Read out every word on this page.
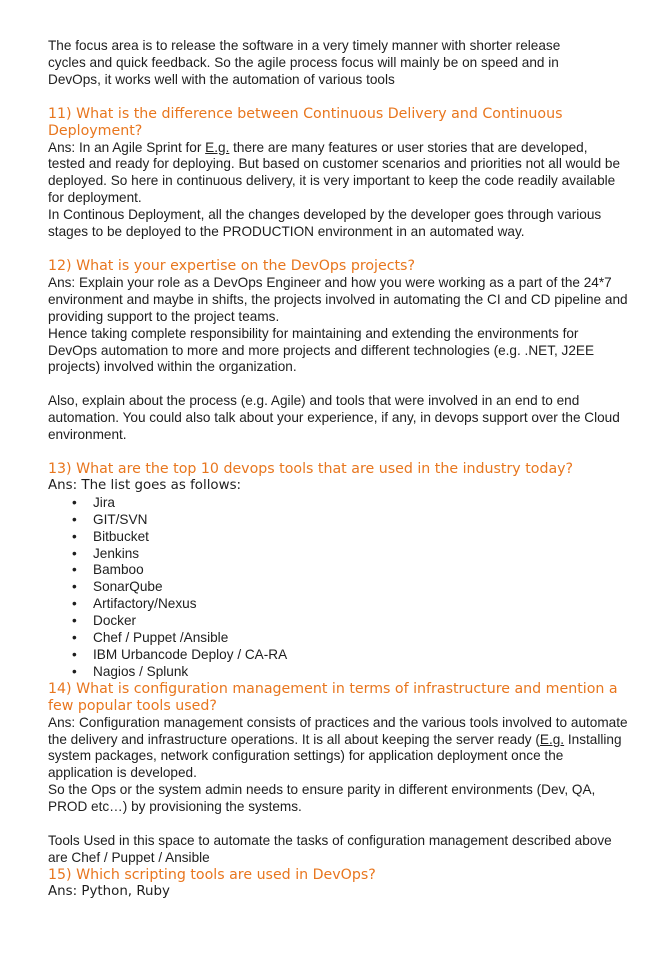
The focus area is to release the software in a very timely manner with shorter release
cycles and quick feedback. So the agile process focus will mainly be on speed and in
DevOps, it works well with the automation of various tools

11) What is the difference between Continuous Delivery and Continuous Deployment?

Ans: In an Agile Sprint for E.g. there are many features or user stories that are developed, tested and ready for deploying. But based on customer scenarios and priorities not all would be deployed. So here in continuous delivery, it is very important to keep the code readily available for deployment.

In Continous Deployment, all the changes developed by the developer goes through various stages to be deployed to the PRODUCTION environment in an automated way.

12) What is your expertise on the DevOps projects?

Ans: Explain your role as a DevOps Engineer and how you were working as a part of the 24*7 environment and maybe in shifts, the projects involved in automating the CI and CD pipeline and providing support to the project teams.

Hence taking complete responsibility for maintaining and extending the environments for DevOps automation to more and more projects and different technologies (e.g. .NET, J2EE projects) involved within the organization.

Also, explain about the process (e.g. Agile) and tools that were involved in an end to end automation. You could also talk about your experience, if any, in devops support over the Cloud environment.

13) What are the top 10 devops tools that are used in the industry today?

Ans: The list goes as follows:

• Jira
• GIT/SVN
• Bitbucket
• Jenkins
• Bamboo
• SonarQube
• Artifactory/Nexus
• Docker
• Chef / Puppet /Ansible
• IBM Urbancode Deploy / CA-RA
• Nagios / Splunk
14) What is configuration management in terms of infrastructure and mention a few popular tools used?

Ans: Configuration management consists of practices and the various tools involved to automate the delivery and infrastructure operations. It is all about keeping the server ready (E.g. Installing system packages, network configuration settings) for application deployment once the application is developed.

So the Ops or the system admin needs to ensure parity in different environments (Dev, QA, PROD etc…) by provisioning the systems.

Tools Used in this space to automate the tasks of configuration management described above are Chef / Puppet / Ansible

15) Which scripting tools are used in DevOps?

Ans: Python, Ruby
